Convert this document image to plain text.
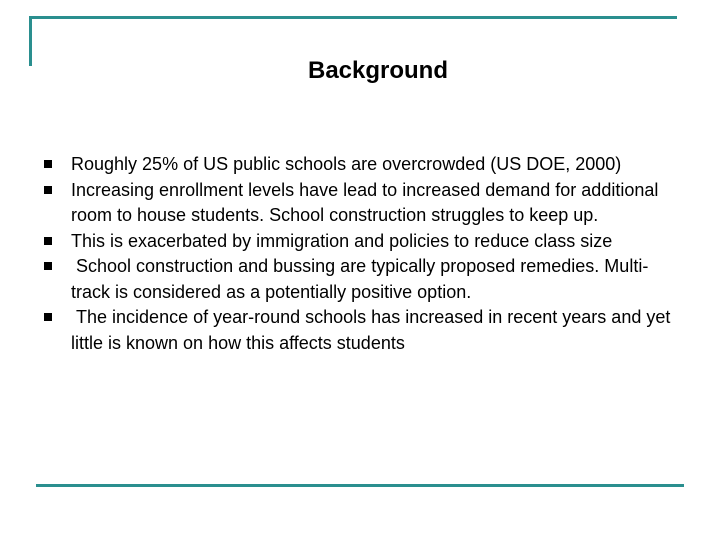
Background
Roughly 25% of US public schools are overcrowded (US DOE, 2000)
Increasing enrollment levels have lead to increased demand for additional room to house students. School construction struggles to keep up.
This is exacerbated by immigration and policies to reduce class size
School construction and bussing are typically proposed remedies. Multi-track is considered as a potentially positive option.
The incidence of year-round schools has increased in recent years and yet little is known on how this affects students
